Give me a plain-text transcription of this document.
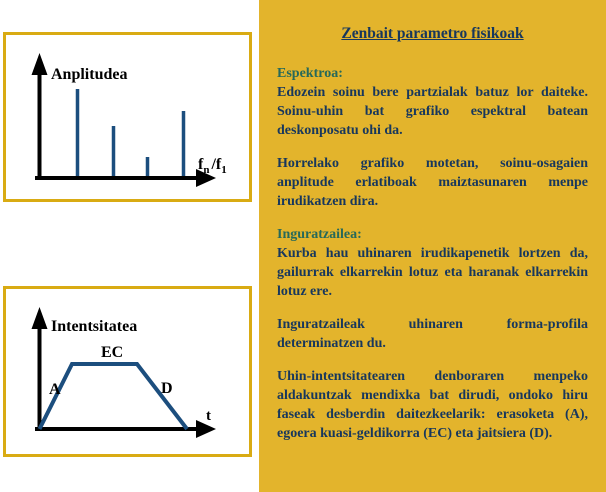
Anplitudea
$f_n$ $/f_1$
Intentsitatea
EC
A	D
t
Zenbait parametro fisikoak
Espektroa:

Edozein soinu bere partzialak batuz lor daiteke. Soinu-uhin bat grafiko espektral batean deskonposatu ohi da.

Horrelako grafiko motetan, soinu-osagaien anplitude erlatiboak maiztasunaren menpe irudikatzen dira.

Inguratzailea:

Kurba hau uhinaren irudikapenetik lortzen da, gailurrak elkarrekin lotuz eta haranak elkarrekin lotuz ere.

Inguratzaileak uhinaren forma-profila determinatzen du.

Uhin-intentsitatearen denboraren menpeko aldakuntzak mendixka bat dirudi, ondoko hiru faseak desberdin daitezkeelarik: erasoketa (A), egoera kuasi-geldikorra (EC) eta jaitsiera (D).
